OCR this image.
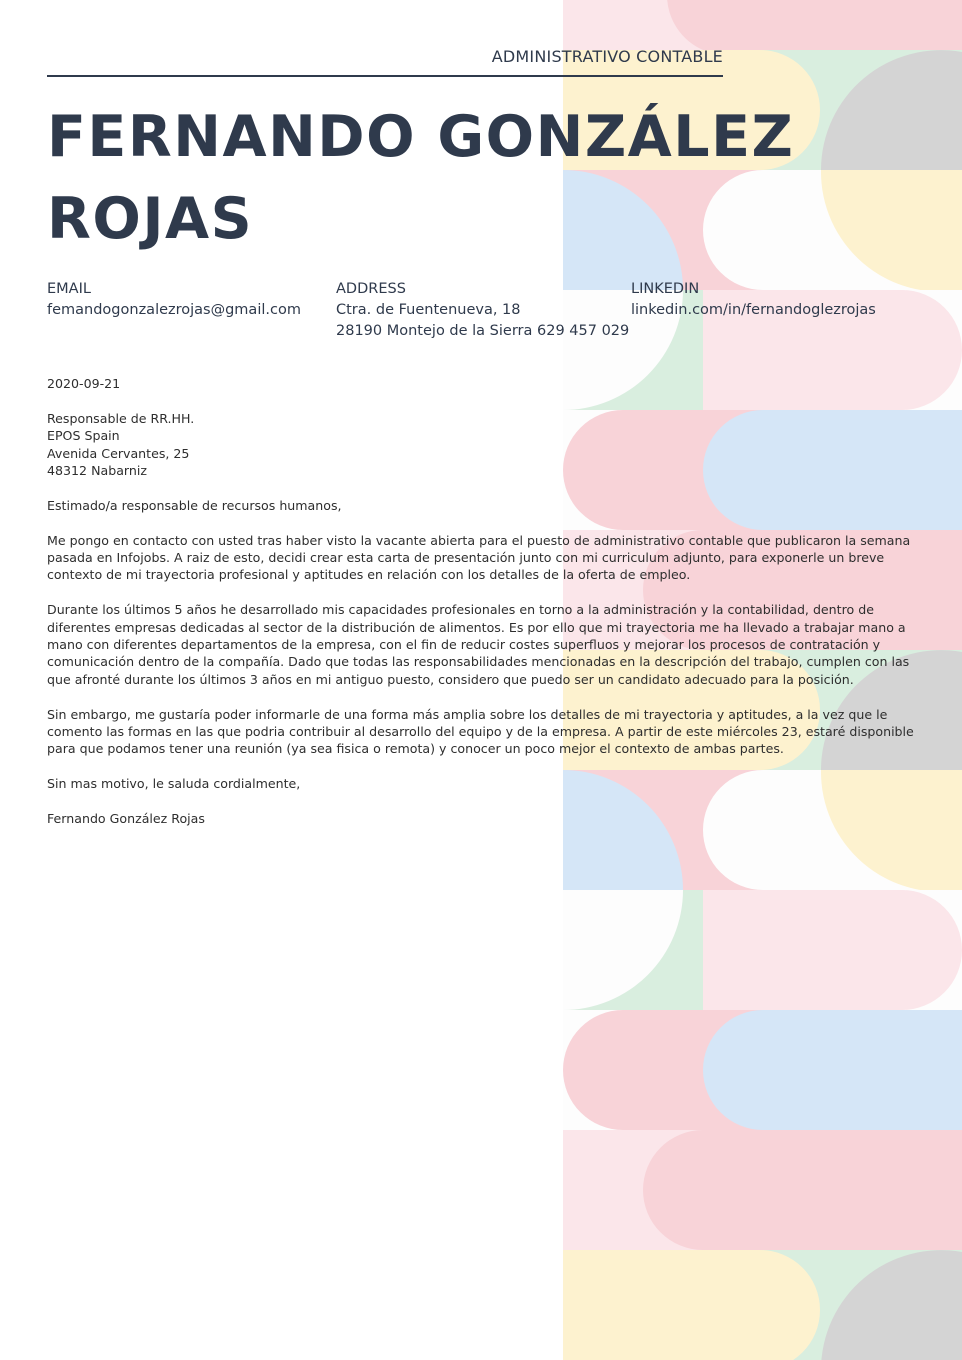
ADMINISTRATIVO CONTABLE
FERNANDO GONZÁLEZ
ROJAS
EMAIL
femandogonzalezrojas@gmail.com
ADDRESS
Ctra. de Fuentenueva, 18
28190 Montejo de la Sierra 629 457 029
LINKEDIN
linkedin.com/in/fernandoglezrojas

2020-09-21

Responsable de RR.HH.
EPOS Spain
Avenida Cervantes, 25
48312 Nabarniz

Estimado/a responsable de recursos humanos,

Me pongo en contacto con usted tras haber visto la vacante abierta para el puesto de administrativo contable que publicaron la semana pasada en Infojobs. A raiz de esto, decidi crear esta carta de presentación junto con mi curriculum adjunto, para exponerle un breve contexto de mi trayectoria profesional y aptitudes en relación con los detalles de la oferta de empleo.

Durante los últimos 5 años he desarrollado mis capacidades profesionales en torno a la administración y la contabilidad, dentro de diferentes empresas dedicadas al sector de la distribución de alimentos. Es por ello que mi trayectoria me ha llevado a trabajar mano a mano con diferentes departamentos de la empresa, con el fin de reducir costes superfluos y mejorar los procesos de contratación y comunicación dentro de la compañía. Dado que todas las responsabilidades mencionadas en la descripción del trabajo, cumplen con las que afronté durante los últimos 3 años en mi antiguo puesto, considero que puedo ser un candidato adecuado para la posición.

Sin embargo, me gustaría poder informarle de una forma más amplia sobre los detalles de mi trayectoria y aptitudes, a la vez que le comento las formas en las que podria contribuir al desarrollo del equipo y de la empresa. A partir de este miércoles 23, estaré disponible para que podamos tener una reunión (ya sea fisica o remota) y conocer un poco mejor el contexto de ambas partes.

Sin mas motivo, le saluda cordialmente,

Fernando González Rojas
